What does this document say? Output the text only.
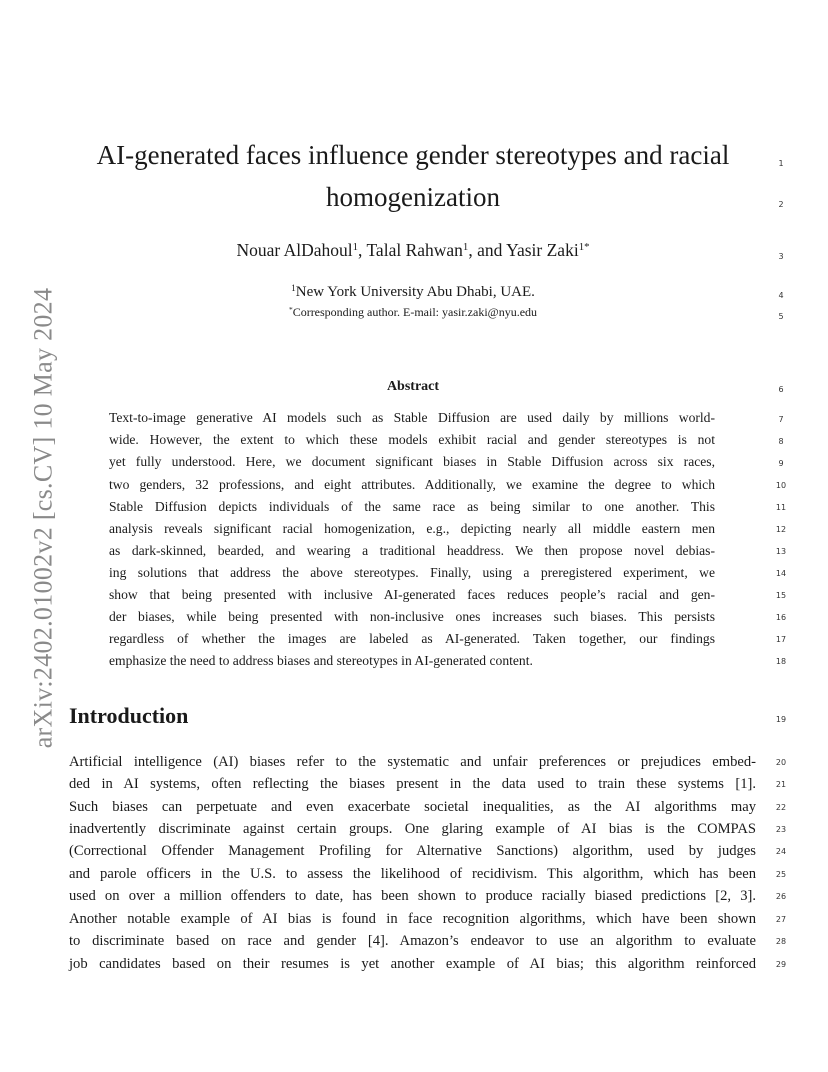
arXiv:2402.01002v2 [cs.CV] 10 May 2024
AI-generated faces influence gender stereotypes and racial
homogenization
Nouar AlDahoul$^1$, Talal Rahwan$^1$, and Yasir Zaki$^{1*}$
$^1$New York University Abu Dhabi, UAE.
*Corresponding author. E-mail: yasir.zaki@nyu.edu
Abstract
Text-to-image generative AI models such as Stable Diffusion are used daily by millions world-
wide. However, the extent to which these models exhibit racial and gender stereotypes is not
yet fully understood. Here, we document significant biases in Stable Diffusion across six races,
two genders, 32 professions, and eight attributes. Additionally, we examine the degree to which
Stable Diffusion depicts individuals of the same race as being similar to one another. This
analysis reveals significant racial homogenization, e.g., depicting nearly all middle eastern men
as dark-skinned, bearded, and wearing a traditional headdress. We then propose novel debias-
ing solutions that address the above stereotypes. Finally, using a preregistered experiment, we
show that being presented with inclusive AI-generated faces reduces people’s racial and gen-
der biases, while being presented with non-inclusive ones increases such biases. This persists
regardless of whether the images are labeled as AI-generated. Taken together, our findings
emphasize the need to address biases and stereotypes in AI-generated content.
Introduction
Artificial intelligence (AI) biases refer to the systematic and unfair preferences or prejudices embed-
ded in AI systems, often reflecting the biases present in the data used to train these systems [1].
Such biases can perpetuate and even exacerbate societal inequalities, as the AI algorithms may
inadvertently discriminate against certain groups. One glaring example of AI bias is the COMPAS
(Correctional Offender Management Profiling for Alternative Sanctions) algorithm, used by judges
and parole officers in the U.S. to assess the likelihood of recidivism. This algorithm, which has been
used on over a million offenders to date, has been shown to produce racially biased predictions [2, 3].
Another notable example of AI bias is found in face recognition algorithms, which have been shown
to discriminate based on race and gender [4]. Amazon’s endeavor to use an algorithm to evaluate
job candidates based on their resumes is yet another example of AI bias; this algorithm reinforced
1
2
3
4
5
6
7
8
9
10
11
12
13
14
15
16
17
18
19
20
21
22
23
24
25
26
27
28
29
